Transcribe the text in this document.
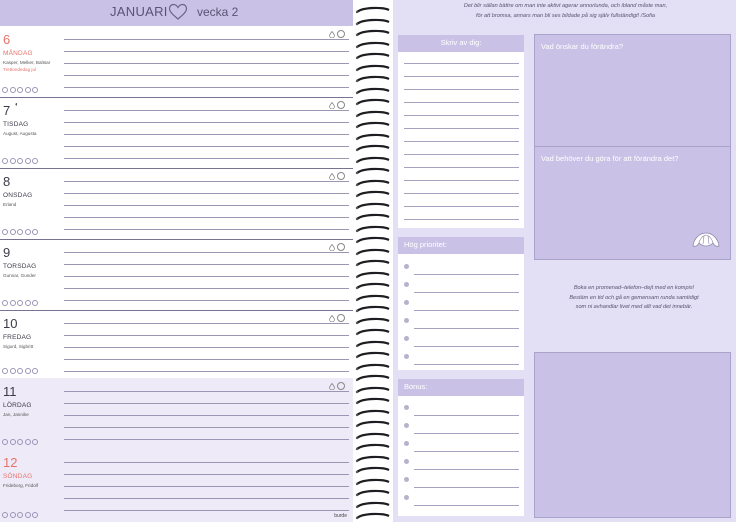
JANUARI vecka 2
6
MÅNDAG
Kasper, Melker, Baltsar
Trettondedag jul
7 ◐
TISDAG
August, Augusta
8
ONSDAG
Erland
9
TORSDAG
Gunnar, Gunder
10
FREDAG
Sigurd, Sigbritt
11
LÖRDAG
Jan, Jannike
12
SÖNDAG
Frideborg, Fridolf
burde
Det blir sällan bättre om man inte aktivt agerar annorlunda, och ibland måste man,
för att bromsa, annars man bli ses bildade på sig själv fullständigt! /Sofia
Skriv av dig:
Hög prioritet:
Bonus:
Vad önskar du förändra?
Vad behöver du göra för att förändra det?
Boka en promenad–telefon–dejt med en kompis!
Bestäm en tid och gå en gemensam runda samtidigt
som ni avhandlar livet med allt vad det innebär.
